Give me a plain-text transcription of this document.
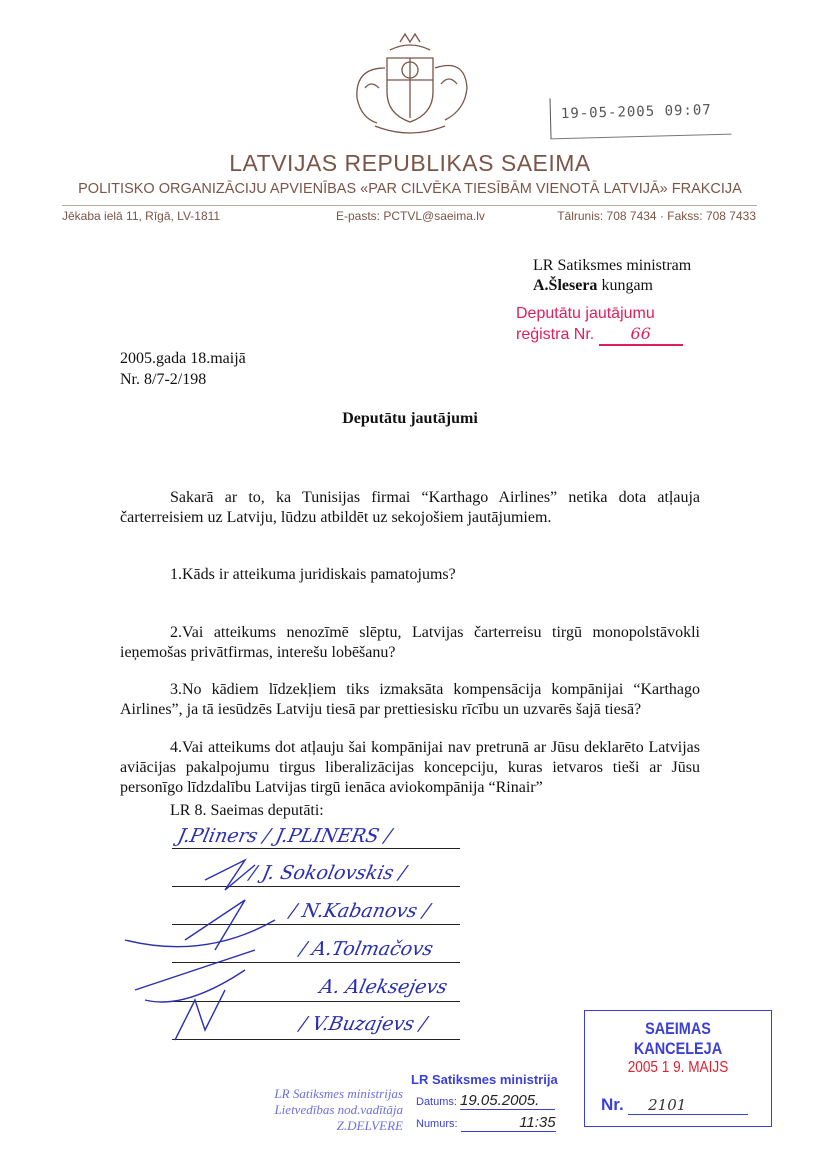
19-05-2005 09:07
LATVIJAS REPUBLIKAS SAEIMA
POLITISKO ORGANIZĀCIJU APVIENĪBAS «PAR CILVĒKA TIESĪBĀM VIENOTĀ LATVIJĀ» FRAKCIJA
Jēkaba ielā 11, Rīgā, LV-1811	E-pasts: PCTVL@saeima.lv	Tālrunis: 708 7434 · Fakss: 708 7433
LR Satiksmes ministram
A.Šlesera kungam
Deputātu jautājumu
reģistra Nr. 66
2005.gada 18.maijā
Nr. 8/7-2/198
Deputātu jautājumi
Sakarā ar to, ka Tunisijas firmai “Karthago Airlines” netika dota atļauja čarterreisiem uz Latviju, lūdzu atbildēt uz sekojošiem jautājumiem.
1.Kāds ir atteikuma juridiskais pamatojums?
2.Vai atteikums nenozīmē slēptu, Latvijas čarterreisu tirgū monopolstāvokli ieņemošas privātfirmas, interešu lobēšanu?
3.No kādiem līdzekļiem tiks izmaksāta kompensācija kompānijai “Karthago Airlines”, ja tā iesūdzēs Latviju tiesā par prettiesisku rīcību un uzvarēs šajā tiesā?
4.Vai atteikums dot atļauju šai kompānijai nav pretrunā ar Jūsu deklarēto Latvijas aviācijas pakalpojumu tirgus liberalizācijas koncepciju, kuras ietvaros tieši ar Jūsu personīgo līdzdalību Latvijas tirgū ienāca aviokompānija “Rinair”
LR 8. Saeimas deputāti:
J.Pliners / J.PLINERS /
/ J. Sokolovskis /
/ N.Kabanovs /
/ A.Tolmačovs
A. Aleksejevs
/ V.Buzajevs /
LR Satiksmes ministrijas
Lietvedības nod.vadītāja
Z.DELVERE
LR Satiksmes ministrija
Datums: 19.05.2005.
Numurs:	11:35
SAEIMAS KANCELEJA
2005 1 9. MAIJS
Nr. 2101
